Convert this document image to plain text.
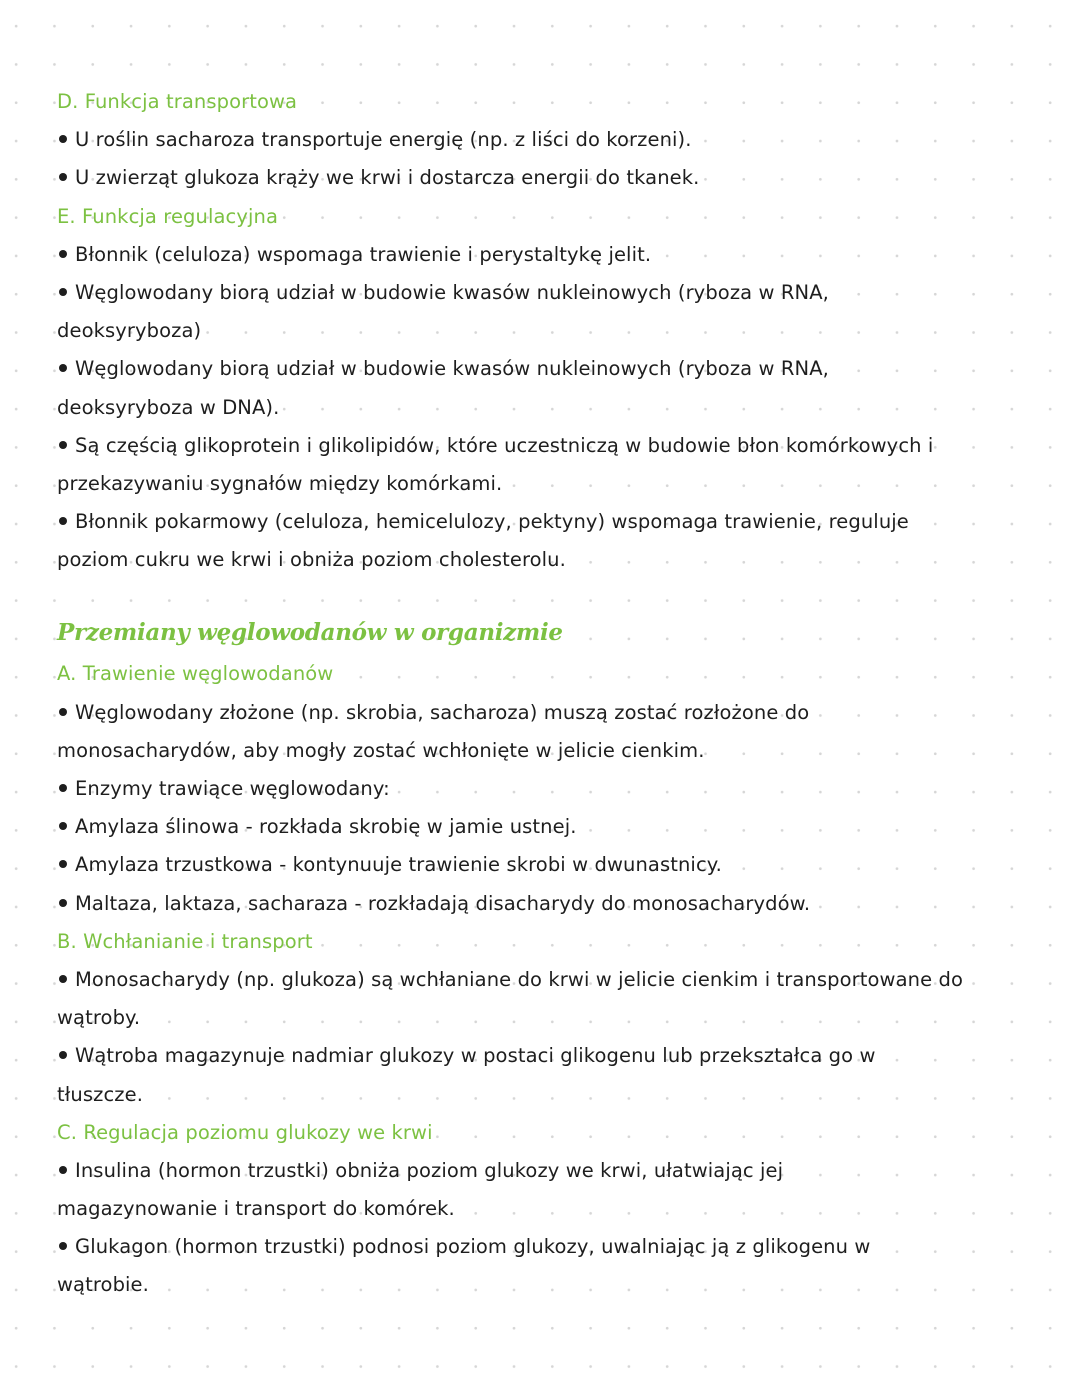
D. Funkcja transportowa
U roślin sacharoza transportuje energię (np. z liści do korzeni).
U zwierząt glukoza krąży we krwi i dostarcza energii do tkanek.
E. Funkcja regulacyjna
Błonnik (celuloza) wspomaga trawienie i perystaltykę jelit.
Węglowodany biorą udział w budowie kwasów nukleinowych (ryboza w RNA,
deoksyryboza)
Węglowodany biorą udział w budowie kwasów nukleinowych (ryboza w RNA,
deoksyryboza w DNA).
Są częścią glikoprotein i glikolipidów, które uczestniczą w budowie błon komórkowych i
przekazywaniu sygnałów między komórkami.
Błonnik pokarmowy (celuloza, hemicelulozy, pektyny) wspomaga trawienie, reguluje
poziom cukru we krwi i obniża poziom cholesterolu.
Przemiany węglowodanów w organizmie
A. Trawienie węglowodanów
Węglowodany złożone (np. skrobia, sacharoza) muszą zostać rozłożone do
monosacharydów, aby mogły zostać wchłonięte w jelicie cienkim.
Enzymy trawiące węglowodany:
Amylaza ślinowa - rozkłada skrobię w jamie ustnej.
Amylaza trzustkowa - kontynuuje trawienie skrobi w dwunastnicy.
Maltaza, laktaza, sacharaza - rozkładają disacharydy do monosacharydów.
B. Wchłanianie i transport
Monosacharydy (np. glukoza) są wchłaniane do krwi w jelicie cienkim i transportowane do
wątroby.
Wątroba magazynuje nadmiar glukozy w postaci glikogenu lub przekształca go w
tłuszcze.
C. Regulacja poziomu glukozy we krwi
Insulina (hormon trzustki) obniża poziom glukozy we krwi, ułatwiając jej
magazynowanie i transport do komórek.
Glukagon (hormon trzustki) podnosi poziom glukozy, uwalniając ją z glikogenu w
wątrobie.
